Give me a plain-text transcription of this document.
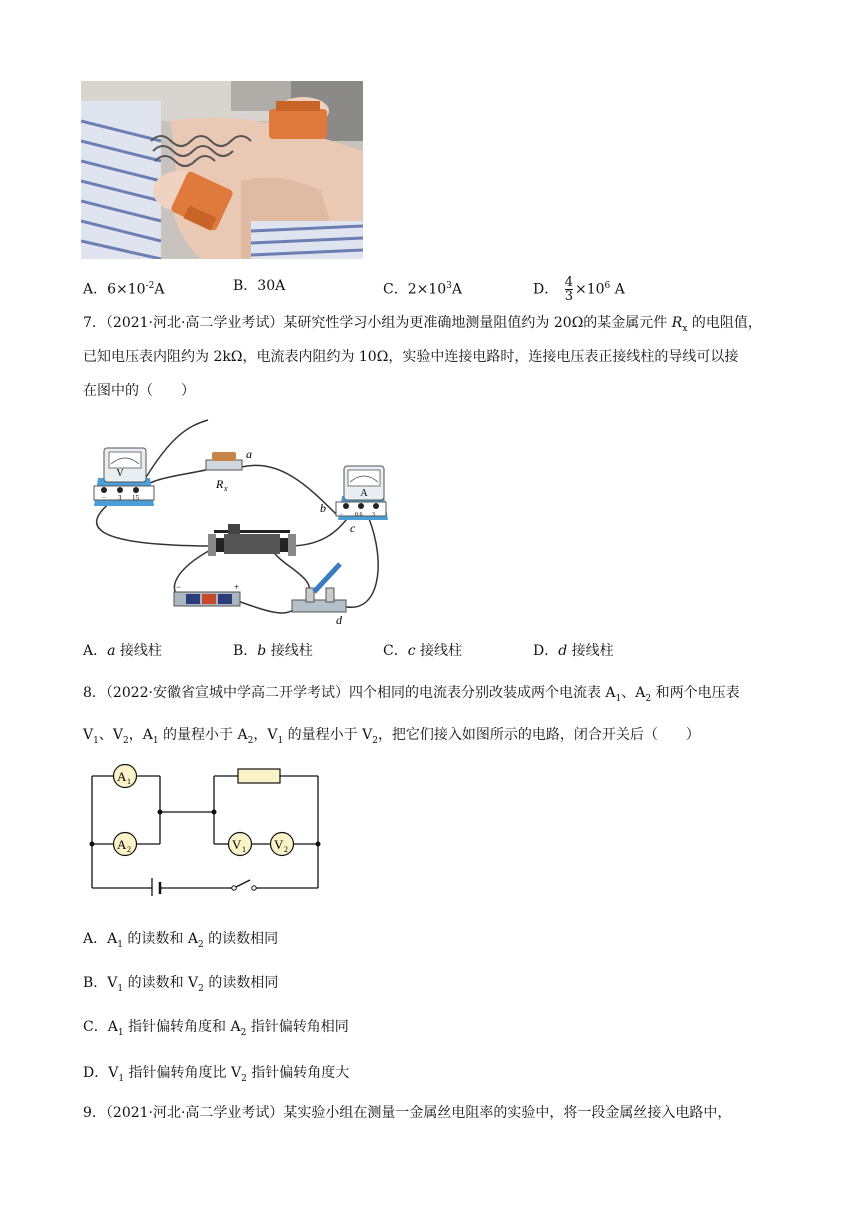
A．$6\times 10^{-2}A$	B．30A	C．$2\times 10^3A$	D． $\frac{4}{3} \times 10^6$ A
7．（2021·河北·高二学业考试）某研究性学习小组为更准确地测量阻值约为 20Ω的某金属元件 $R_x$ 的电阻值，
已知电压表内阻约为 2kΩ，电流表内阻约为 10Ω，实验中连接电路时，连接电压表正接线柱的导线可以接
在图中的（　　）
V
− 3 15
a
R x	A
− 0.6 3
b
c
−	+
d
A．a 接线柱	B．b 接线柱	C．c 接线柱	D．d 接线柱
8．（2022·安徽省宣城中学高二开学考试）四个相同的电流表分别改装成两个电流表 $A_1$、$A_2$ 和两个电压表
$V_1$、$V_2$，$A_1$ 的量程小于 $A_2$，$V_1$ 的量程小于 $V_2$，把它们接入如图所示的电路，闭合开关后（　　）
A 1
A 2	V 1 V 2
A．$A_1$ 的读数和 $A_2$ 的读数相同
B．$V_1$ 的读数和 $V_2$ 的读数相同
C．$A_1$ 指针偏转角度和 $A_2$ 指针偏转角相同
D．$V_1$ 指针偏转角度比 $V_2$ 指针偏转角度大
9．（2021·河北·高二学业考试）某实验小组在测量一金属丝电阻率的实验中，将一段金属丝接入电路中，
